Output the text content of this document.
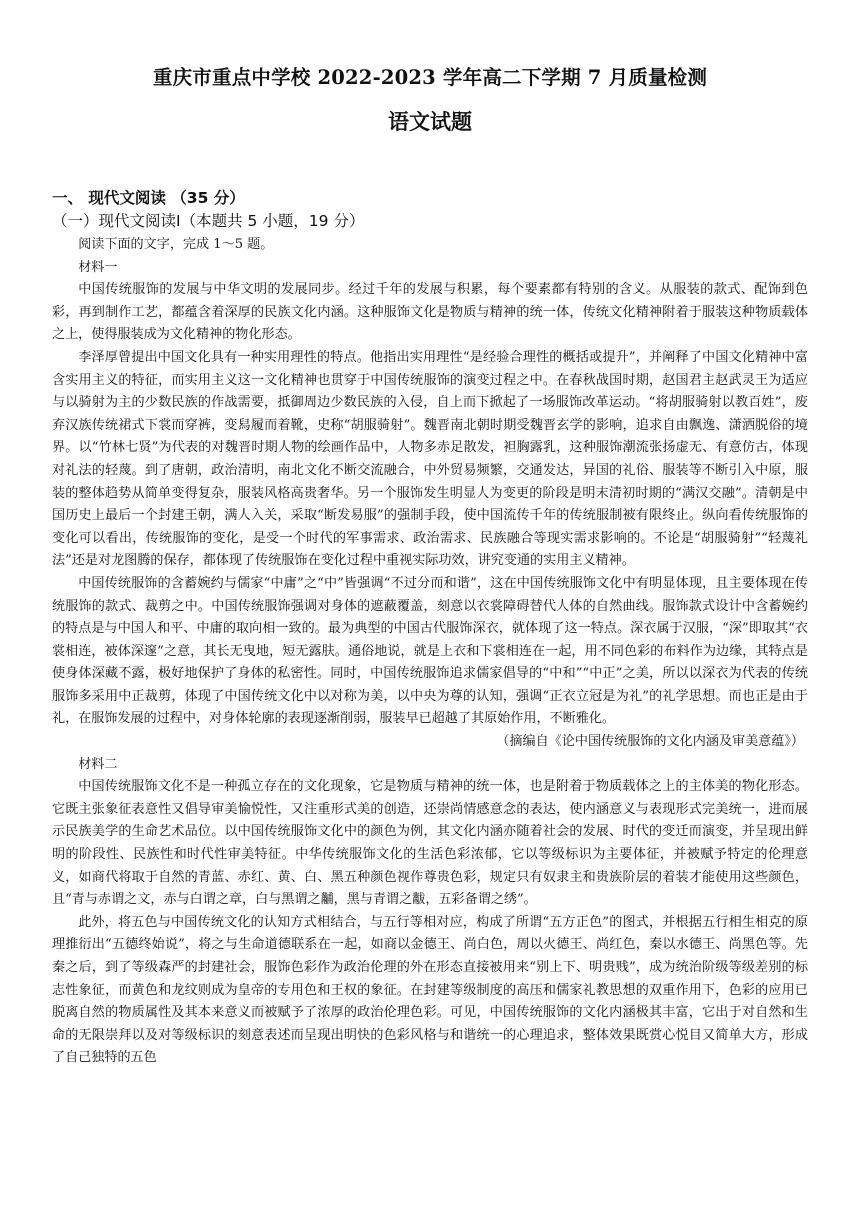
重庆市重点中学校 2022-2023 学年高二下学期 7 月质量检测
语文试题
一、 现代文阅读 （35 分）
（一）现代文阅读Ⅰ（本题共 5 小题，19 分）

阅读下面的文字，完成 1～5 题。

材料一

中国传统服饰的发展与中华文明的发展同步。经过千年的发展与积累，每个要素都有特别的含义。从服装的款式、配饰到色彩，再到制作工艺，都蕴含着深厚的民族文化内涵。这种服饰文化是物质与精神的统一体，传统文化精神附着于服装这种物质载体之上，使得服装成为文化精神的物化形态。

李泽厚曾提出中国文化具有一种实用理性的特点。他指出实用理性“是经验合理性的概括或提升”，并阐释了中国文化精神中富含实用主义的特征，而实用主义这一文化精神也贯穿于中国传统服饰的演变过程之中。在春秋战国时期，赵国君主赵武灵王为适应与以骑射为主的少数民族的作战需要，抵御周边少数民族的入侵，自上而下掀起了一场服饰改革运动。“将胡服骑射以教百姓”，废弃汉族传统裙式下裳而穿裤，变舄履而着靴，史称“胡服骑射”。魏晋南北朝时期受魏晋玄学的影响，追求自由飘逸、潇洒脱俗的境界。以“竹林七贤”为代表的对魏晋时期人物的绘画作品中，人物多赤足散发，袒胸露乳，这种服饰潮流张扬虚无、有意仿古，体现对礼法的轻蔑。到了唐朝，政治清明，南北文化不断交流融合，中外贸易频繁，交通发达，异国的礼俗、服装等不断引入中原，服装的整体趋势从简单变得复杂，服装风格高贵奢华。另一个服饰发生明显人为变更的阶段是明末清初时期的“满汉交融”。清朝是中国历史上最后一个封建王朝，满人入关，采取“断发易服”的强制手段，使中国流传千年的传统服制被有限终止。纵向看传统服饰的变化可以看出，传统服饰的变化，是受一个时代的军事需求、政治需求、民族融合等现实需求影响的。不论是“胡服骑射”“轻蔑礼法”还是对龙图腾的保存，都体现了传统服饰在变化过程中重视实际功效，讲究变通的实用主义精神。

中国传统服饰的含蓄婉约与儒家“中庸”之“中”皆强调“不过分而和谐”，这在中国传统服饰文化中有明显体现，且主要体现在传统服饰的款式、裁剪之中。中国传统服饰强调对身体的遮蔽覆盖，刻意以衣裳障碍替代人体的自然曲线。服饰款式设计中含蓄婉约的特点是与中国人和平、中庸的取向相一致的。最为典型的中国古代服饰深衣，就体现了这一特点。深衣属于汉服，“深”即取其“衣裳相连，被体深邃”之意，其长无曳地，短无露肤。通俗地说，就是上衣和下裳相连在一起，用不同色彩的布料作为边缘，其特点是使身体深藏不露，极好地保护了身体的私密性。同时，中国传统服饰追求儒家倡导的“中和”“中正”之美，所以以深衣为代表的传统服饰多采用中正裁剪，体现了中国传统文化中以对称为美，以中央为尊的认知，强调“正衣立冠是为礼”的礼学思想。而也正是由于礼，在服饰发展的过程中，对身体轮廓的表现逐渐削弱，服装早已超越了其原始作用，不断雅化。

（摘编自《论中国传统服饰的文化内涵及审美意蕴》）

材料二

中国传统服饰文化不是一种孤立存在的文化现象，它是物质与精神的统一体，也是附着于物质载体之上的主体美的物化形态。它既主张象征表意性又倡导审美愉悦性，又注重形式美的创造，还崇尚情感意念的表达，使内涵意义与表现形式完美统一，进而展示民族美学的生命艺术品位。以中国传统服饰文化中的颜色为例，其文化内涵亦随着社会的发展、时代的变迁而演变，并呈现出鲜明的阶段性、民族性和时代性审美特征。中华传统服饰文化的生活色彩浓郁，它以等级标识为主要体征，并被赋予特定的伦理意义，如商代将取于自然的青蓝、赤红、黄、白、黑五种颜色视作尊贵色彩，规定只有奴隶主和贵族阶层的着装才能使用这些颜色，且“青与赤谓之文，赤与白谓之章，白与黑谓之黼，黑与青谓之黻，五彩备谓之绣”。

此外，将五色与中国传统文化的认知方式相结合，与五行等相对应，构成了所谓“五方正色”的图式，并根据五行相生相克的原理推衍出“五德终始说”，将之与生命道德联系在一起，如商以金德王、尚白色，周以火德王、尚红色，秦以水德王、尚黑色等。先秦之后，到了等级森严的封建社会，服饰色彩作为政治伦理的外在形态直接被用来“别上下、明贵贱”，成为统治阶级等级差别的标志性象征，而黄色和龙纹则成为皇帝的专用色和王权的象征。在封建等级制度的高压和儒家礼教思想的双重作用下，色彩的应用已脱离自然的物质属性及其本来意义而被赋予了浓厚的政治伦理色彩。可见，中国传统服饰的文化内涵极其丰富，它出于对自然和生命的无限崇拜以及对等级标识的刻意表述而呈现出明快的色彩风格与和谐统一的心理追求，整体效果既赏心悦目又简单大方，形成了自己独特的五色
